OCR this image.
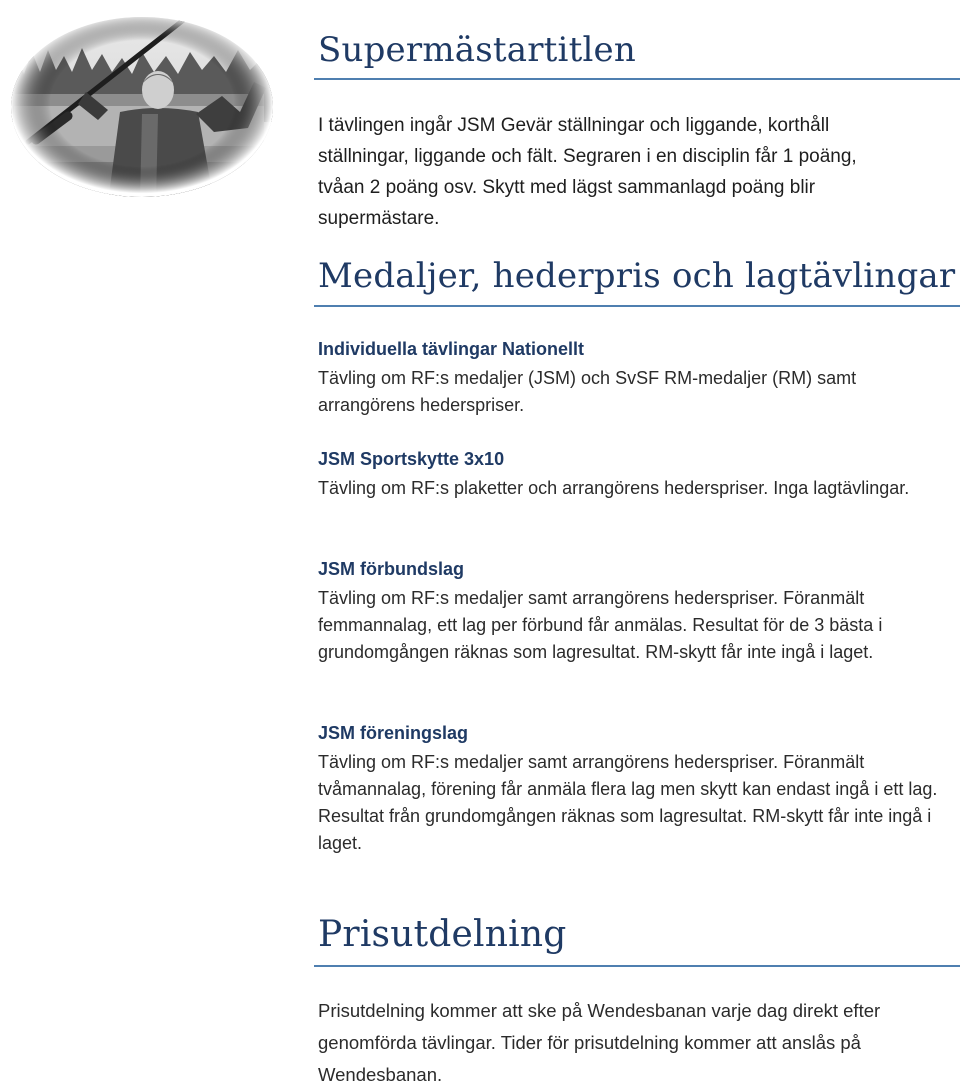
Supermästartitlen

I tävlingen ingår JSM Gevär ställningar och liggande, korthåll ställningar, liggande och fält. Segraren i en disciplin får 1 poäng, tvåan 2 poäng osv. Skytt med lägst sammanlagd poäng blir supermästare.

Medaljer, hederpris och lagtävlingar
Individuella tävlingar Nationellt

Tävling om RF:s medaljer (JSM) och SvSF RM-medaljer (RM) samt arrangörens hederspriser.

JSM Sportskytte 3x10

Tävling om RF:s plaketter och arrangörens hederspriser. Inga lagtävlingar.

JSM förbundslag

Tävling om RF:s medaljer samt arrangörens hederspriser. Föranmält femmannalag, ett lag per förbund får anmälas. Resultat för de 3 bästa i grundomgången räknas som lagresultat. RM-skytt får inte ingå i laget.

JSM föreningslag

Tävling om RF:s medaljer samt arrangörens hederspriser. Föranmält tvåmannalag, förening får anmäla flera lag men skytt kan endast ingå i ett lag. Resultat från grundomgången räknas som lagresultat. RM-skytt får inte ingå i laget.

Prisutdelning

Prisutdelning kommer att ske på Wendesbanan varje dag direkt efter genomförda tävlingar. Tider för prisutdelning kommer att anslås på Wendesbanan.
